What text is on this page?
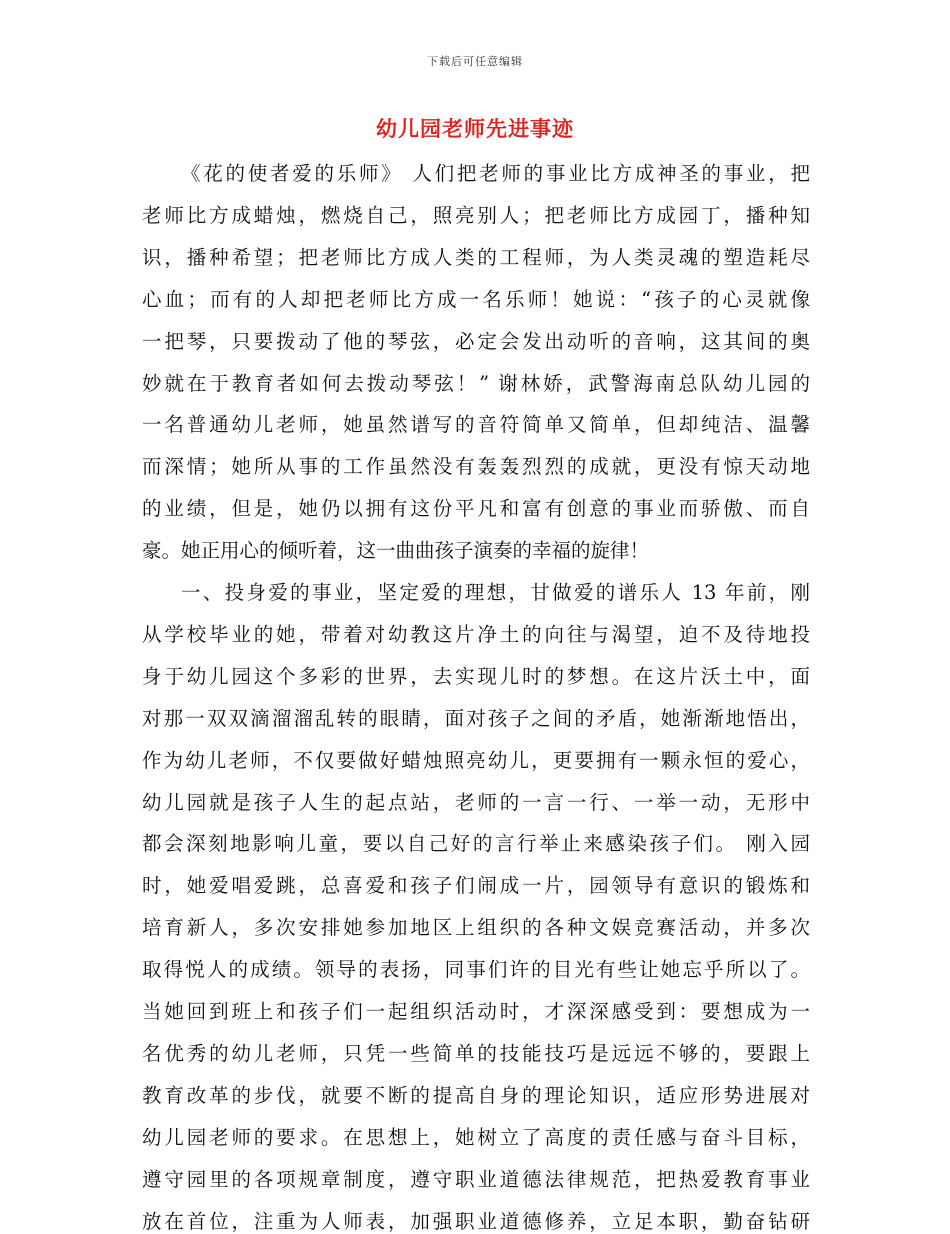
下载后可任意编辑
幼儿园老师先进事迹
《花的使者爱的乐师》 人们把老师的事业比方成神圣的事业，把
老师比方成蜡烛，燃烧自己，照亮别人；把老师比方成园丁，播种知
识，播种希望；把老师比方成人类的工程师，为人类灵魂的塑造耗尽
心血；而有的人却把老师比方成一名乐师！她说：“孩子的心灵就像
一把琴，只要拨动了他的琴弦，必定会发出动听的音响，这其间的奥
妙就在于教育者如何去拨动琴弦！” 谢林娇，武警海南总队幼儿园的
一名普通幼儿老师，她虽然谱写的音符简单又简单，但却纯洁、温馨
而深情；她所从事的工作虽然没有轰轰烈烈的成就，更没有惊天动地
的业绩，但是，她仍以拥有这份平凡和富有创意的事业而骄傲、而自
豪。她正用心的倾听着，这一曲曲孩子演奏的幸福的旋律！
一、投身爱的事业，坚定爱的理想，甘做爱的谱乐人 13 年前，刚
从学校毕业的她，带着对幼教这片净土的向往与渴望，迫不及待地投
身于幼儿园这个多彩的世界，去实现儿时的梦想。在这片沃土中，面
对那一双双滴溜溜乱转的眼睛，面对孩子之间的矛盾，她渐渐地悟出，
作为幼儿老师，不仅要做好蜡烛照亮幼儿，更要拥有一颗永恒的爱心，
幼儿园就是孩子人生的起点站，老师的一言一行、一举一动，无形中
都会深刻地影响儿童，要以自己好的言行举止来感染孩子们。 刚入园
时，她爱唱爱跳，总喜爱和孩子们闹成一片，园领导有意识的锻炼和
培育新人，多次安排她参加地区上组织的各种文娱竞赛活动，并多次
取得悦人的成绩。领导的表扬，同事们许的目光有些让她忘乎所以了。
当她回到班上和孩子们一起组织活动时，才深深感受到：要想成为一
名优秀的幼儿老师，只凭一些简单的技能技巧是远远不够的，要跟上
教育改革的步伐，就要不断的提高自身的理论知识，适应形势进展对
幼儿园老师的要求。在思想上，她树立了高度的责任感与奋斗目标，
遵守园里的各项规章制度，遵守职业道德法律规范，把热爱教育事业
放在首位，注重为人师表，加强职业道德修养，立足本职，勤奋钻研
